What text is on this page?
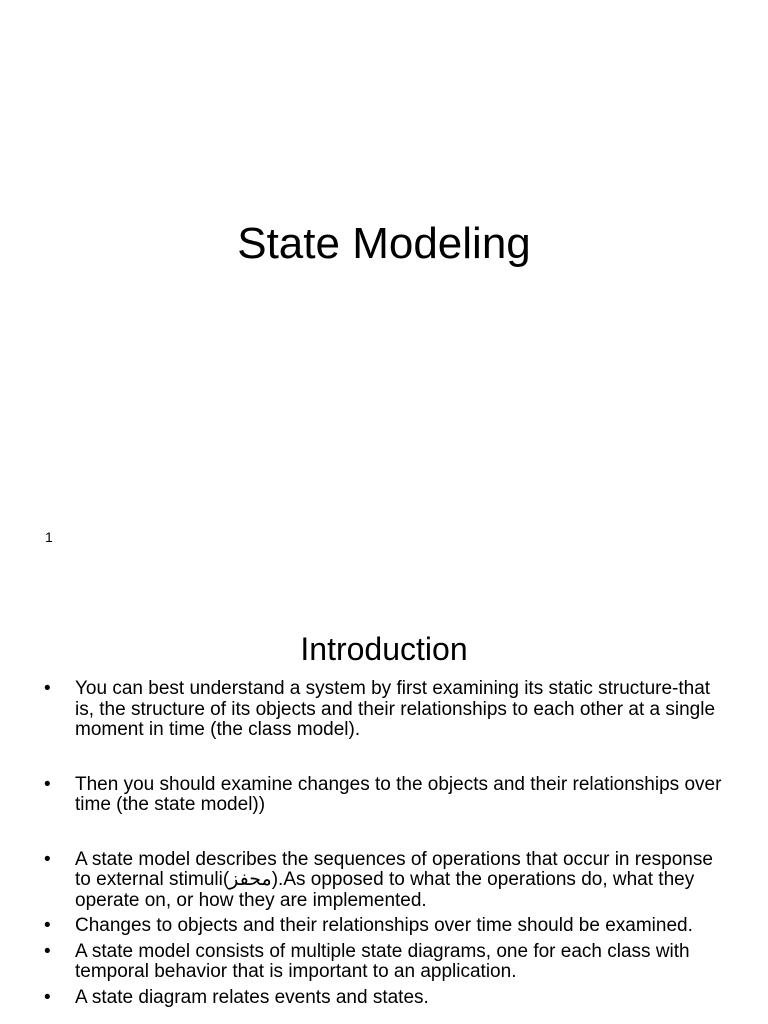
State Modeling
1
Introduction
• You can best understand a system by first examining its static structure-that is, the structure of its objects and their relationships to each other at a single moment in time (the class model).
• Then you should examine changes to the objects and their relationships over time (the state model))
• A state model describes the sequences of operations that occur in response to external stimuli(محفز).As opposed to what the operations do, what they operate on, or how they are implemented.
• Changes to objects and their relationships over time should be examined.
• A state model consists of multiple state diagrams, one for each class with temporal behavior that is important to an application.
• A state diagram relates events and states.
